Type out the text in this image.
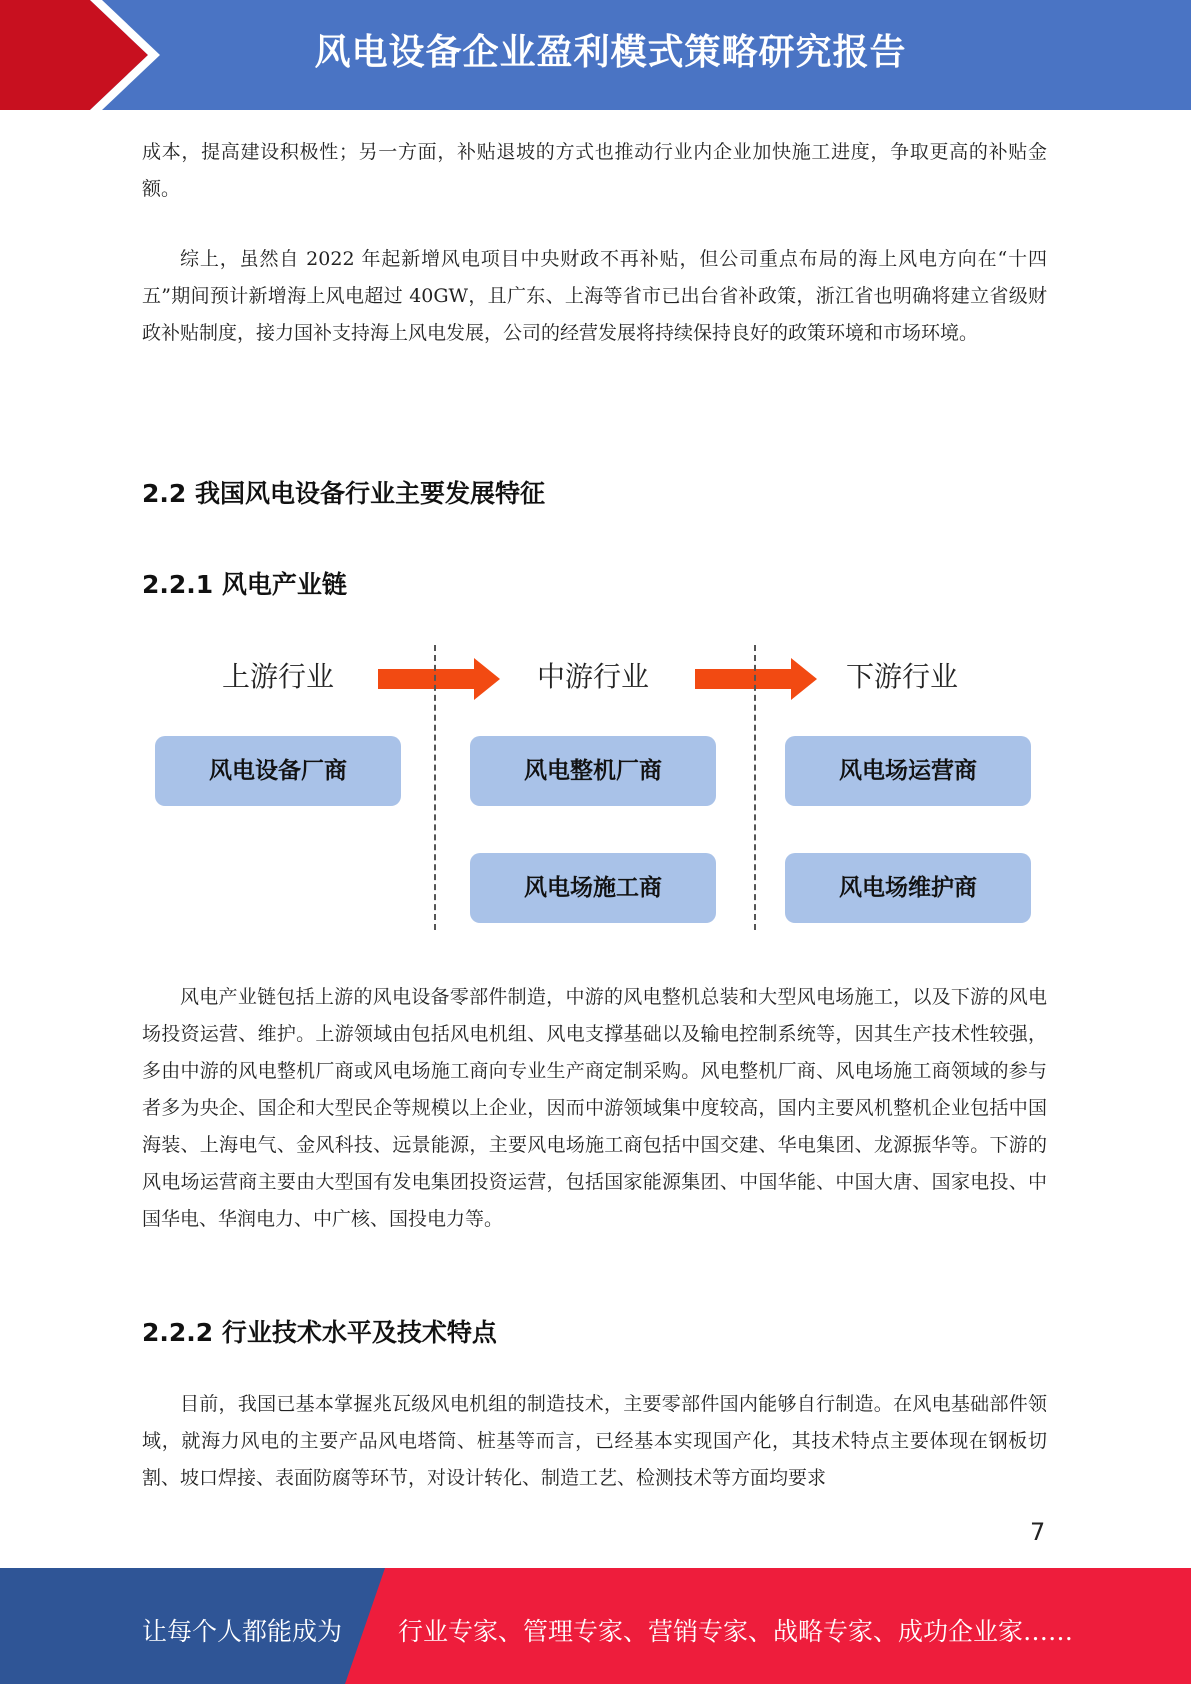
风电设备企业盈利模式策略研究报告

成本，提高建设积极性；另一方面，补贴退坡的方式也推动行业内企业加快施工进度，争取更高的补贴金额。

综上，虽然自 2022 年起新增风电项目中央财政不再补贴，但公司重点布局的海上风电方向在“十四五”期间预计新增海上风电超过 40GW，且广东、上海等省市已出台省补政策，浙江省也明确将建立省级财政补贴制度，接力国补支持海上风电发展，公司的经营发展将持续保持良好的政策环境和市场环境。

2.2 我国风电设备行业主要发展特征
2.2.1 风电产业链
上游行业	中游行业	下游行业
风电设备厂商	风电整机厂商
风电场施工商
风电场运营商
风电场维护商

风电产业链包括上游的风电设备零部件制造，中游的风电整机总装和大型风电场施工，以及下游的风电场投资运营、维护。上游领域由包括风电机组、风电支撑基础以及输电控制系统等，因其生产技术性较强，多由中游的风电整机厂商或风电场施工商向专业生产商定制采购。风电整机厂商、风电场施工商领域的参与者多为央企、国企和大型民企等规模以上企业，因而中游领域集中度较高，国内主要风机整机企业包括中国海装、上海电气、金风科技、远景能源，主要风电场施工商包括中国交建、华电集团、龙源振华等。下游的风电场运营商主要由大型国有发电集团投资运营，包括国家能源集团、中国华能、中国大唐、国家电投、中国华电、华润电力、中广核、国投电力等。

2.2.2 行业技术水平及技术特点

目前，我国已基本掌握兆瓦级风电机组的制造技术，主要零部件国内能够自行制造。在风电基础部件领域，就海力风电的主要产品风电塔筒、桩基等而言，已经基本实现国产化，其技术特点主要体现在钢板切割、坡口焊接、表面防腐等环节，对设计转化、制造工艺、检测技术等方面均要求

7
让每个人都能成为 行业专家、管理专家、营销专家、战略专家、成功企业家……
